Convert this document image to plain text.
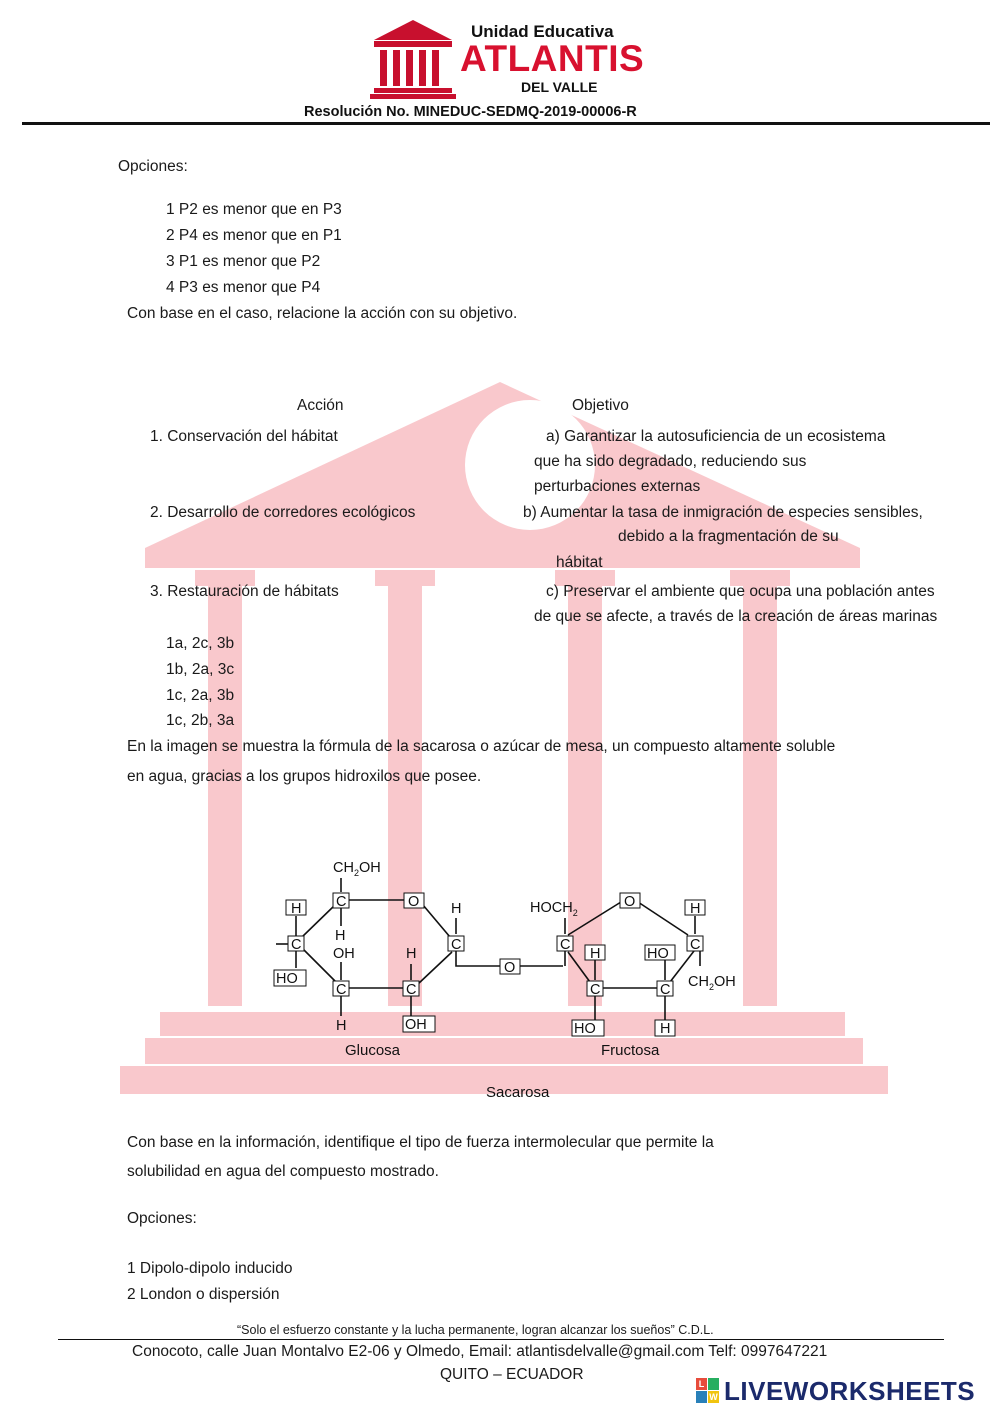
Unidad Educativa
ATLANTIS
DEL VALLE
Resolución No. MINEDUC-SEDMQ-2019-00006-R
Opciones:
1 P2 es menor que en P3
2 P4 es menor que en P1
3 P1 es menor que P2
4 P3 es menor que P4
Con base en el caso, relacione la acción con su objetivo.
Acción	Objetivo
1. Conservación del hábitat	a) Garantizar la autosuficiencia de un ecosistema
que ha sido degradado, reduciendo sus
perturbaciones externas
2. Desarrollo de corredores ecológicos	b) Aumentar la tasa de inmigración de especies sensibles,
debido a la fragmentación de su
hábitat
3. Restauración de hábitats	c) Preservar el ambiente que ocupa una población antes
de que se afecte, a través de la creación de áreas marinas
1a, 2c, 3b
1b, 2a, 3c
1c, 2a, 3b
1c, 2b, 3a
En la imagen se muestra la fórmula de la sacarosa o azúcar de mesa, un compuesto altamente soluble
en agua, gracias a los grupos hidroxilos que posee.
$CH_2OH$
C	O
C
C
C
C
H
HO
H
OH	H
H	OH
H
O
$HOCH_2$
C
O
C
C
C
H	HO
H
$CH_2OH$
HO	H
Glucosa	Fructosa
Sacarosa
Con base en la información, identifique el tipo de fuerza intermolecular que permite la
solubilidad en agua del compuesto mostrado.
Opciones:
1 Dipolo-dipolo inducido
2 London o dispersión
“Solo el esfuerzo constante y la lucha permanente, logran alcanzar los sueños” C.D.L.
Conocoto, calle Juan Montalvo E2-06 y Olmedo, Email: atlantisdelvalle@gmail.com Telf: 0997647221
QUITO – ECUADOR
L
W LIVEWORKSHEETS
